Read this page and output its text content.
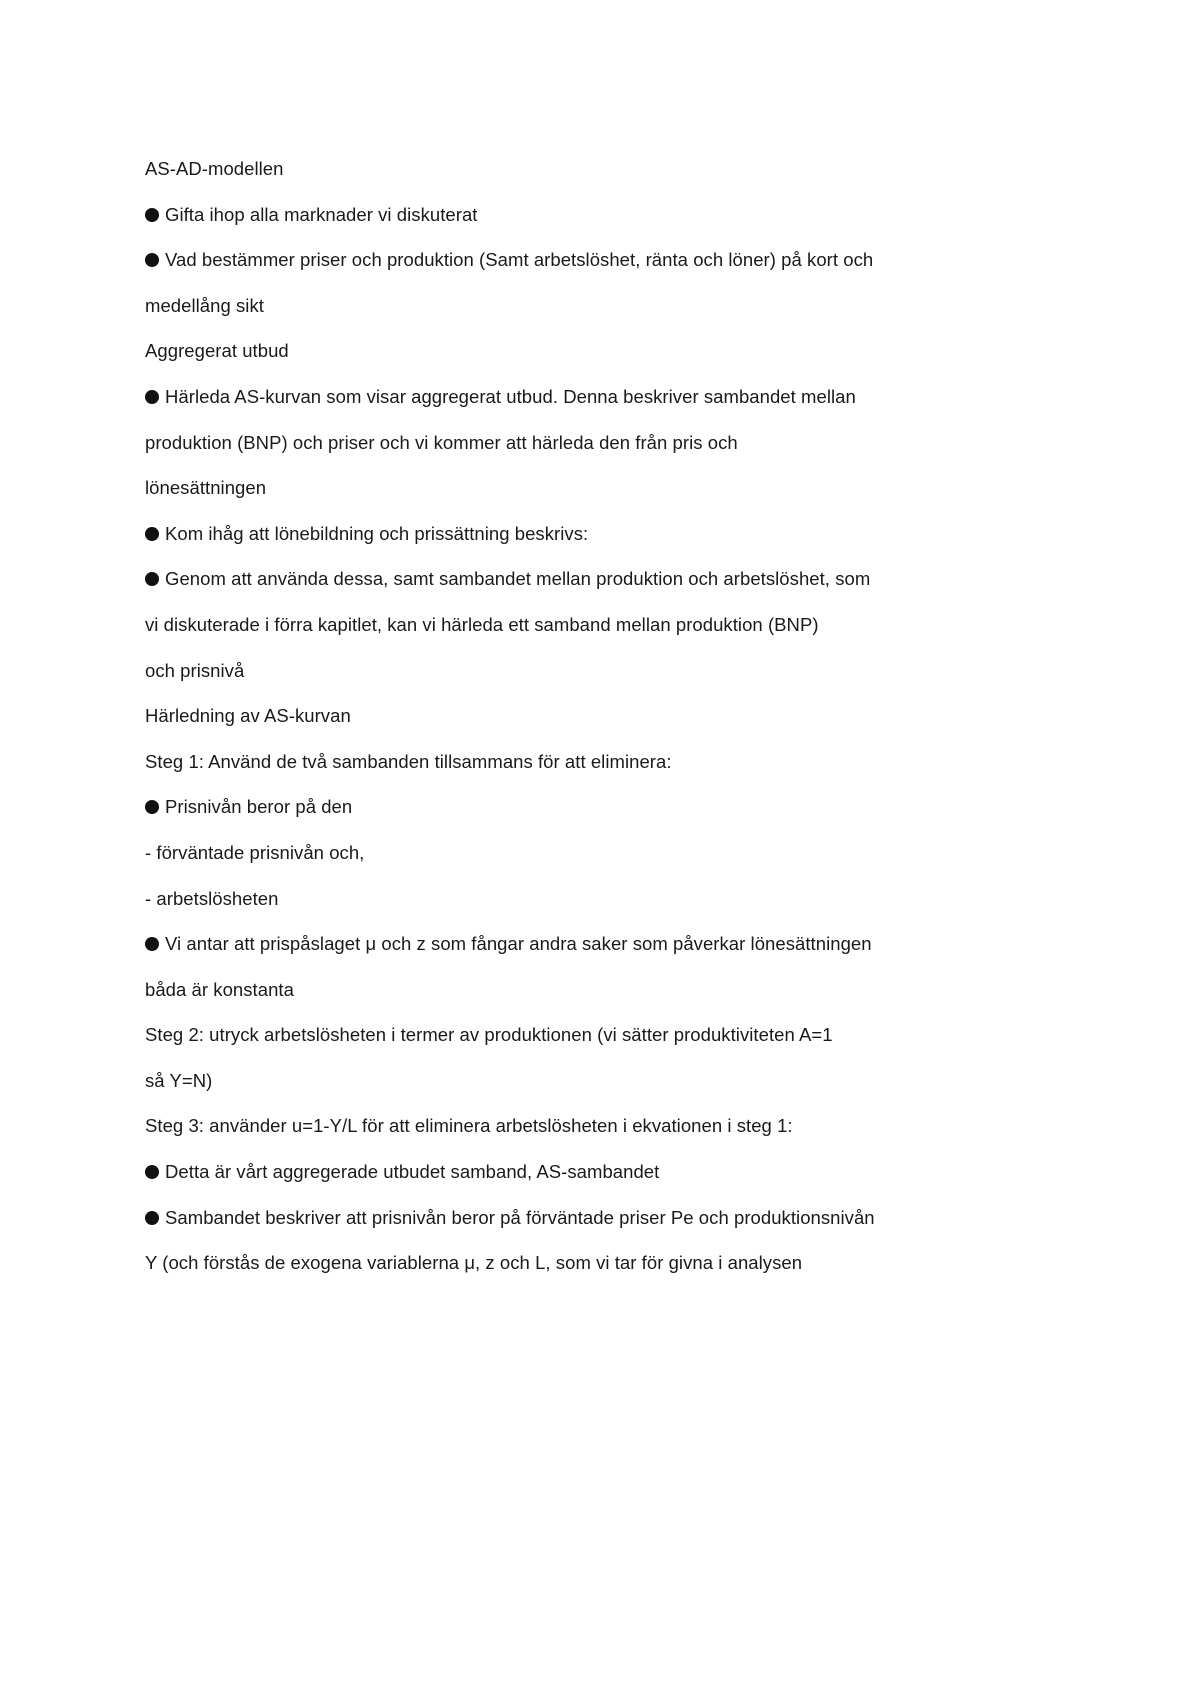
AS-AD-modellen
Gifta ihop alla marknader vi diskuterat
Vad bestämmer priser och produktion (Samt arbetslöshet, ränta och löner) på kort och
medellång sikt
Aggregerat utbud
Härleda AS-kurvan som visar aggregerat utbud. Denna beskriver sambandet mellan
produktion (BNP) och priser och vi kommer att härleda den från pris och
lönesättningen
Kom ihåg att lönebildning och prissättning beskrivs:
Genom att använda dessa, samt sambandet mellan produktion och arbetslöshet, som
vi diskuterade i förra kapitlet, kan vi härleda ett samband mellan produktion (BNP)
och prisnivå
Härledning av AS-kurvan
Steg 1: Använd de två sambanden tillsammans för att eliminera:
Prisnivån beror på den
- förväntade prisnivån och,
- arbetslösheten
Vi antar att prispåslaget μ och z som fångar andra saker som påverkar lönesättningen
båda är konstanta
Steg 2: utryck arbetslösheten i termer av produktionen (vi sätter produktiviteten A=1
så Y=N)
Steg 3: använder u=1-Y/L för att eliminera arbetslösheten i ekvationen i steg 1:
Detta är vårt aggregerade utbudet samband, AS-sambandet
Sambandet beskriver att prisnivån beror på förväntade priser Pe och produktionsnivån
Y (och förstås de exogena variablerna μ, z och L, som vi tar för givna i analysen
